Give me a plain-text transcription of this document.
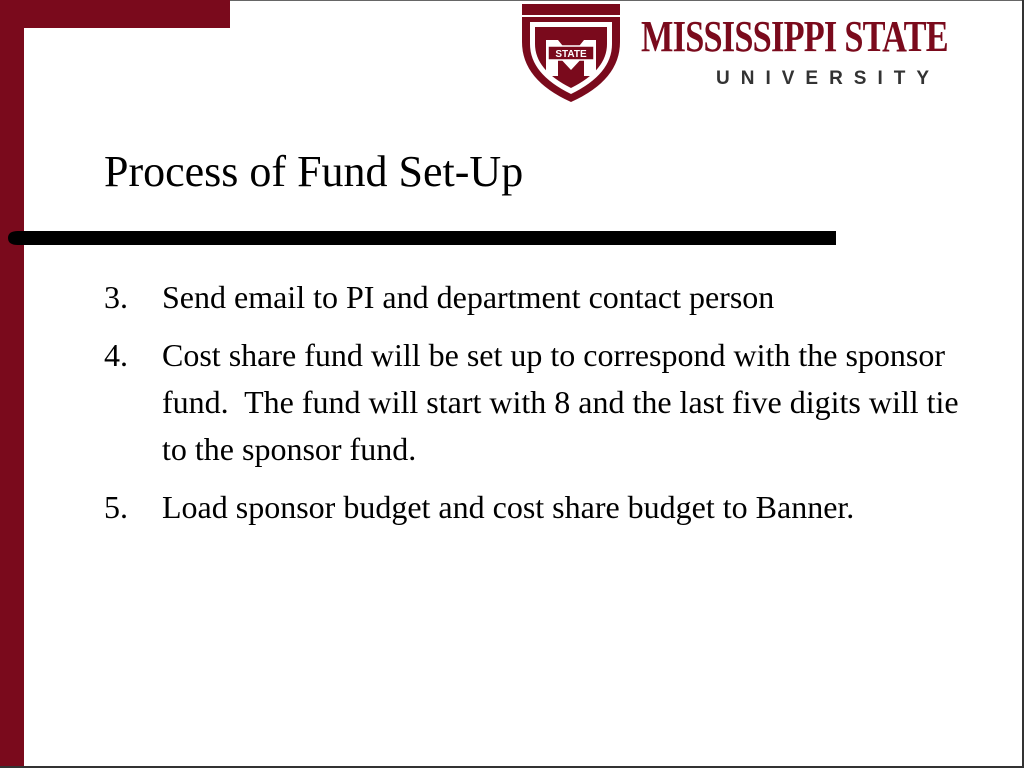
STATE MISSISSIPPI STATE
UNIVERSITY
Process of Fund Set-Up
3.	Send email to PI and department contact person
4.	Cost share fund will be set up to correspond with the sponsor fund.  The fund will start with 8 and the last five digits will tie to the sponsor fund.
5.	Load sponsor budget and cost share budget to Banner.
